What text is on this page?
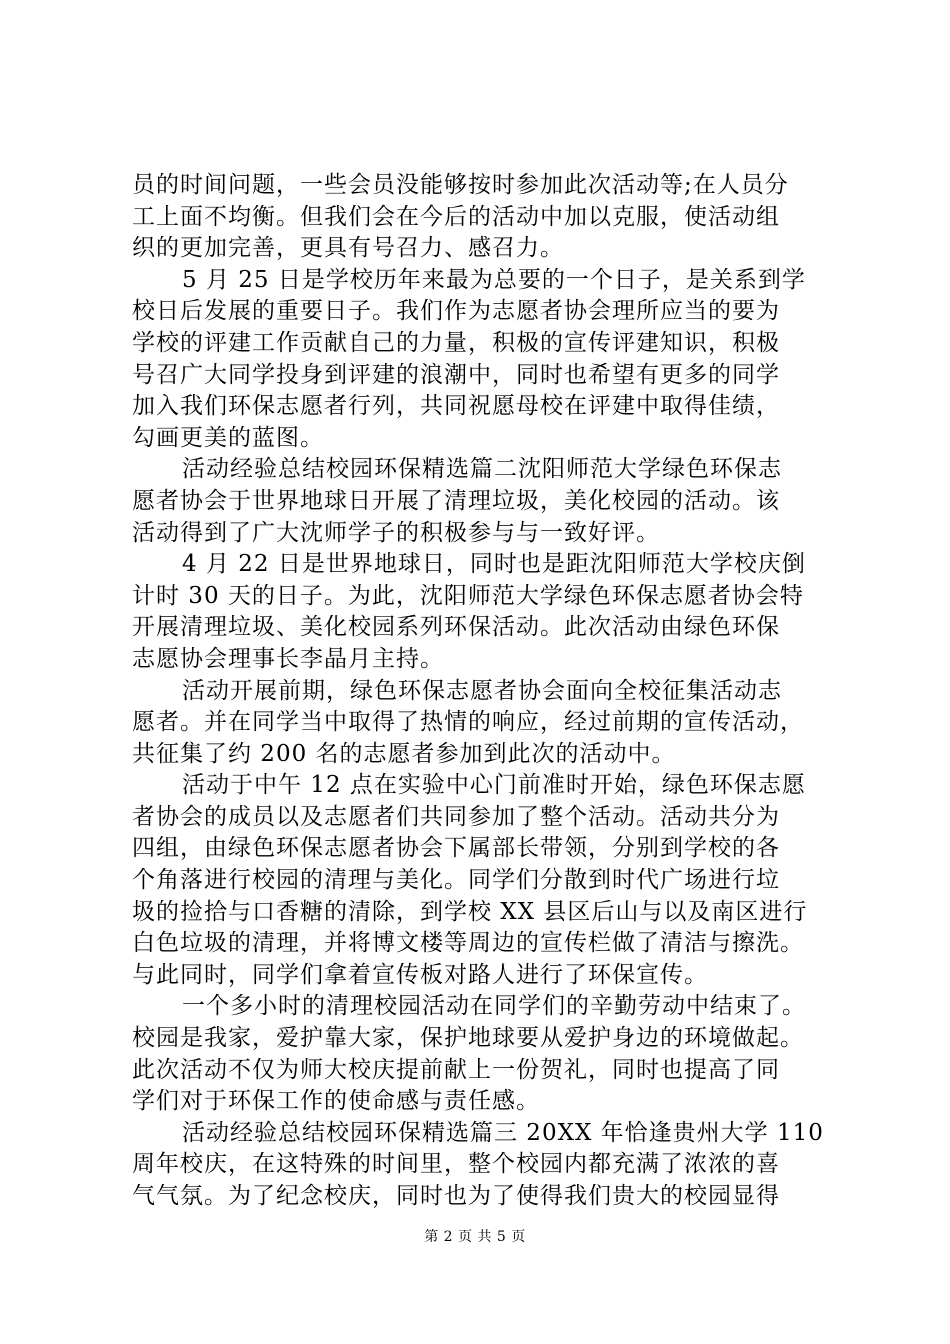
员的时间问题，一些会员没能够按时参加此次活动等;在人员分
工上面不均衡。但我们会在今后的活动中加以克服，使活动组
织的更加完善，更具有号召力、感召力。
5 月 25 日是学校历年来最为总要的一个日子，是关系到学
校日后发展的重要日子。我们作为志愿者协会理所应当的要为
学校的评建工作贡献自己的力量，积极的宣传评建知识，积极
号召广大同学投身到评建的浪潮中，同时也希望有更多的同学
加入我们环保志愿者行列，共同祝愿母校在评建中取得佳绩，
勾画更美的蓝图。
活动经验总结校园环保精选篇二沈阳师范大学绿色环保志
愿者协会于世界地球日开展了清理垃圾，美化校园的活动。该
活动得到了广大沈师学子的积极参与与一致好评。
4 月 22 日是世界地球日，同时也是距沈阳师范大学校庆倒
计时 30 天的日子。为此，沈阳师范大学绿色环保志愿者协会特
开展清理垃圾、美化校园系列环保活动。此次活动由绿色环保
志愿协会理事长李晶月主持。
活动开展前期，绿色环保志愿者协会面向全校征集活动志
愿者。并在同学当中取得了热情的响应，经过前期的宣传活动，
共征集了约 200 名的志愿者参加到此次的活动中。
活动于中午 12 点在实验中心门前准时开始，绿色环保志愿
者协会的成员以及志愿者们共同参加了整个活动。活动共分为
四组，由绿色环保志愿者协会下属部长带领，分别到学校的各
个角落进行校园的清理与美化。同学们分散到时代广场进行垃
圾的捡拾与口香糖的清除，到学校 XX 县区后山与以及南区进行
白色垃圾的清理，并将博文楼等周边的宣传栏做了清洁与擦洗。
与此同时，同学们拿着宣传板对路人进行了环保宣传。
一个多小时的清理校园活动在同学们的辛勤劳动中结束了。
校园是我家，爱护靠大家，保护地球要从爱护身边的环境做起。
此次活动不仅为师大校庆提前献上一份贺礼，同时也提高了同
学们对于环保工作的使命感与责任感。
活动经验总结校园环保精选篇三 20XX 年恰逢贵州大学 110
周年校庆，在这特殊的时间里，整个校园内都充满了浓浓的喜
气气氛。为了纪念校庆，同时也为了使得我们贵大的校园显得
第 2 页 共 5 页
